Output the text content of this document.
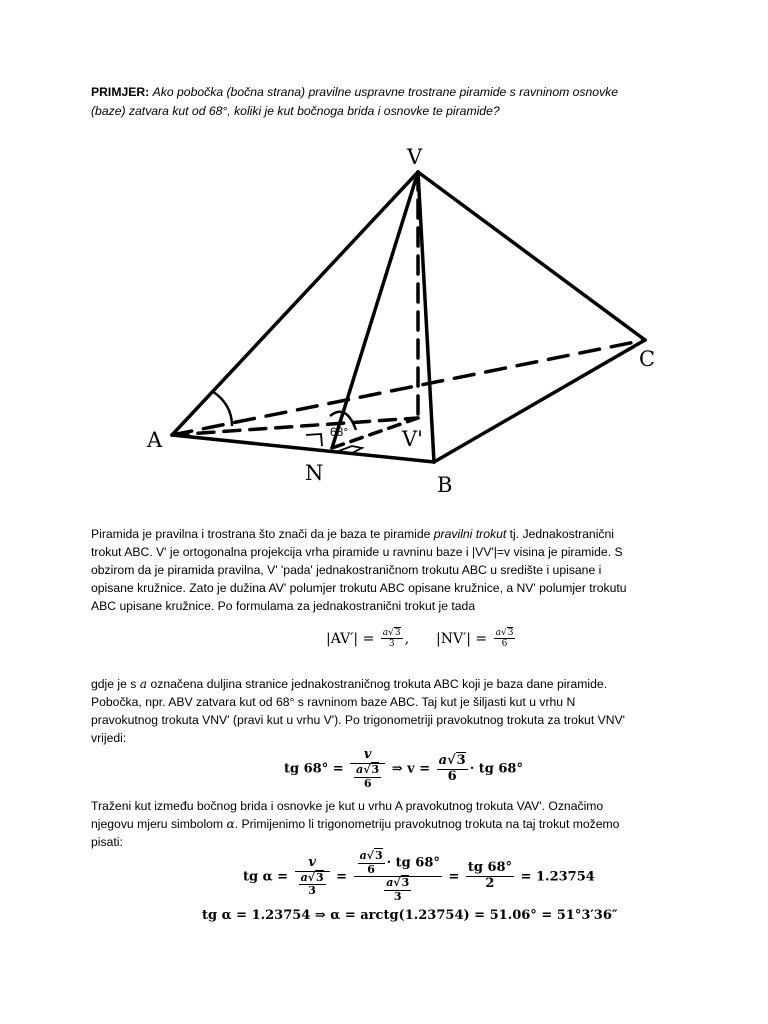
PRIMJER: Ako pobočka (bočna strana) pravilne uspravne trostrane piramide s ravninom osnovke
(baze) zatvara kut od 68°, koliki je kut bočnoga brida i osnovke te piramide?
V
A
B
C
N
V'
68°
Piramida je pravilna i trostrana što znači da je baza te piramide pravilni trokut tj. Jednakostranični
trokut ABC. V' je ortogonalna projekcija vrha piramide u ravninu baze i |VV'|=v visina je piramide. S
obzirom da je piramida pravilna, V' 'pada' jednakostraničnom trokutu ABC u središte i upisane i
opisane kružnice. Zato je dužina AV' polumjer trokutu ABC opisane kružnice, a NV' polumjer trokutu
ABC upisane kružnice. Po formulama za jednakostranični trokut je tada
$|AV'| = \frac{a√3}{3}$ , $|NV'| = \frac{a√3}{6}$
gdje je s a označena duljina stranice jednakostraničnog trokuta ABC koji je baza dane piramide.
Pobočka, npr. ABV zatvara kut od 68° s ravninom baze ABC. Taj kut je šiljasti kut u vrhu N
pravokutnog trokuta VNV' (pravi kut u vrhu V'). Po trigonometriji pravokutnog trokuta za trokut VNV'
vrijedi:
tg $68^\circ = \frac{v}{\frac{a√3}{6}}$ ⇒ $v = \frac{a√3}{6}$ · tg 68°
Traženi kut između bočnog brida i osnovke je kut u vrhu A pravokutnog trokuta VAV'. Označimo
njegovu mjeru simbolom α. Primijenimo li trigonometriju pravokutnog trokuta na taj trokut možemo
pisati:
tg $\alpha = \frac{v}{\frac{a√3}{3}} = \frac{\frac{a√3}{6} \cdot tg 68^\circ}{\frac{a√3}{3}} = \frac{tg 68^\circ}{2} = 1.23754$
tg α = 1.23754 ⇒ α = arctg(1.23754) = 51.06° = 51°3′36″
